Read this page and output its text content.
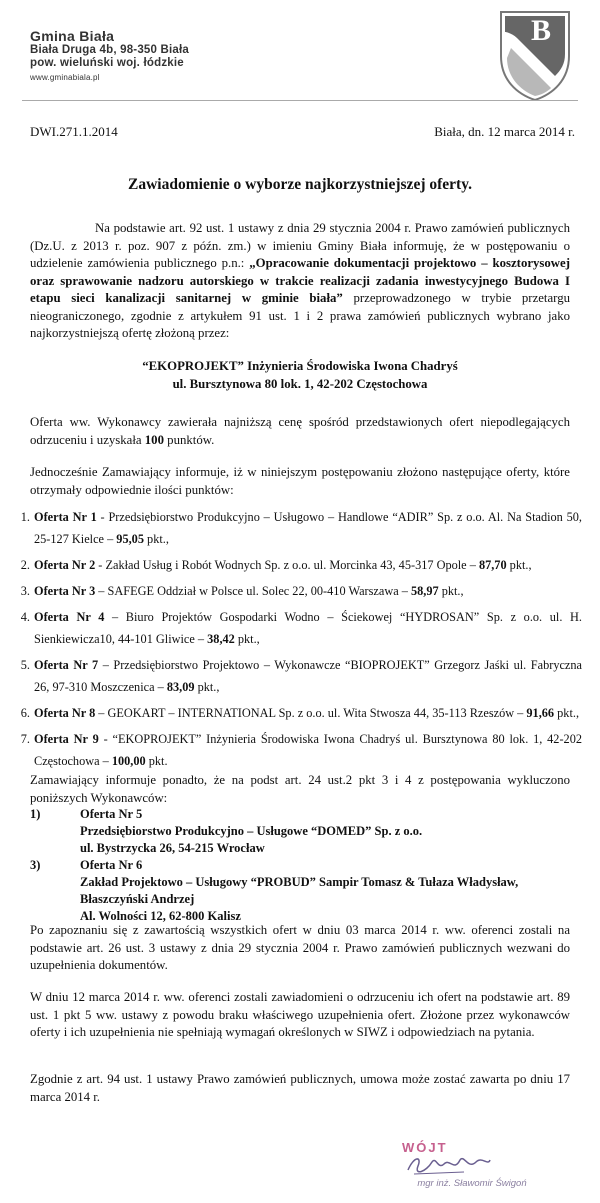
Gmina Biała
Biała Druga 4b, 98-350 Biała
pow. wieluński woj. łódzkie
www.gminabiala.pl
B
DWI.271.1.2014	Biała, dn. 12 marca 2014 r.
Zawiadomienie o wyborze najkorzystniejszej oferty.
Na podstawie art. 92 ust. 1 ustawy z dnia 29 stycznia 2004 r. Prawo zamówień publicznych (Dz.U. z 2013 r. poz. 907 z późn. zm.) w imieniu Gminy Biała informuję, że w postępowaniu o udzielenie zamówienia publicznego p.n.: „Opracowanie dokumentacji projektowo – kosztorysowej oraz sprawowanie nadzoru autorskiego w trakcie realizacji zadania inwestycyjnego Budowa I etapu sieci kanalizacji sanitarnej w gminie biała” przeprowadzonego w trybie przetargu nieograniczonego, zgodnie z artykułem 91 ust. 1 i 2 prawa zamówień publicznych wybrano jako najkorzystniejszą ofertę złożoną przez:
“EKOPROJEKT” Inżynieria Środowiska Iwona Chadryś
ul. Bursztynowa 80 lok. 1, 42-202 Częstochowa
Oferta ww. Wykonawcy zawierała najniższą cenę spośród przedstawionych ofert niepodlegających odrzuceniu i uzyskała 100 punktów.
Jednocześnie Zamawiający informuje, iż w niniejszym postępowaniu złożono następujące oferty, które otrzymały odpowiednie ilości punktów:
1. Oferta Nr 1 - Przedsiębiorstwo Produkcyjno – Usługowo – Handlowe “ADIR” Sp. z o.o. Al. Na Stadion 50, 25-127 Kielce – 95,05 pkt.,
2. Oferta Nr 2 - Zakład Usług i Robót Wodnych Sp. z o.o. ul. Morcinka 43, 45-317 Opole – 87,70 pkt.,
3. Oferta Nr 3 – SAFEGE Oddział w Polsce ul. Solec 22, 00-410 Warszawa – 58,97 pkt.,
4. Oferta Nr 4 – Biuro Projektów Gospodarki Wodno – Ściekowej “HYDROSAN” Sp. z o.o. ul. H. Sienkiewicza10, 44-101 Gliwice – 38,42 pkt.,
5. Oferta Nr 7 – Przedsiębiorstwo Projektowo – Wykonawcze “BIOPROJEKT” Grzegorz Jaśki ul. Fabryczna 26, 97-310 Moszczenica – 83,09 pkt.,
6. Oferta Nr 8 – GEOKART – INTERNATIONAL Sp. z o.o. ul. Wita Stwosza 44, 35-113 Rzeszów – 91,66 pkt.,
7. Oferta Nr 9 - “EKOPROJEKT” Inżynieria Środowiska Iwona Chadryś ul. Bursztynowa 80 lok. 1, 42-202 Częstochowa – 100,00 pkt.
Zamawiający informuje ponadto, że na podst art. 24 ust.2 pkt 3 i 4 z postępowania wykluczono poniższych Wykonawców:
1)	Oferta Nr 5
Przedsiębiorstwo Produkcyjno – Usługowe “DOMED” Sp. z o.o.
ul. Bystrzycka 26, 54-215 Wrocław
3)	Oferta Nr 6
Zakład Projektowo – Usługowy “PROBUD” Sampir Tomasz & Tułaza Władysław,
Błaszczyński Andrzej
Al. Wolności 12, 62-800 Kalisz
Po zapoznaniu się z zawartością wszystkich ofert w dniu 03 marca 2014 r. ww. oferenci zostali na podstawie art. 26 ust. 3 ustawy z dnia 29 stycznia 2004 r. Prawo zamówień publicznych wezwani do uzupełnienia dokumentów.
W dniu 12 marca 2014 r. ww. oferenci zostali zawiadomieni o odrzuceniu ich ofert na podstawie art. 89 ust. 1 pkt 5 ww. ustawy z powodu braku właściwego uzupełnienia ofert. Złożone przez wykonawców oferty i ich uzupełnienia nie spełniają wymagań określonych w SIWZ i odpowiedziach na pytania.
Zgodnie z art. 94 ust. 1 ustawy Prawo zamówień publicznych, umowa może zostać zawarta po dniu 17 marca 2014 r.
WÓJT
mgr inż. Sławomir Świgoń
